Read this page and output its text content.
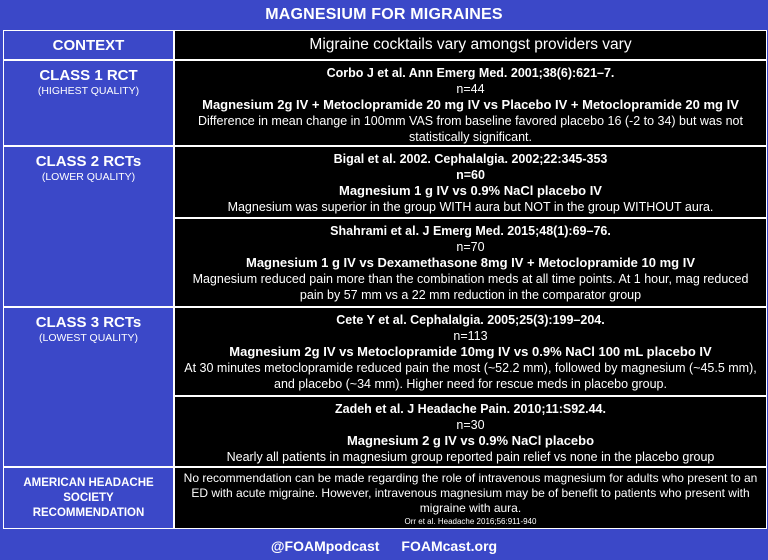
MAGNESIUM FOR MIGRAINES
CONTEXT	Migraine cocktails vary amongst providers vary
CLASS 1 RCT
(HIGHEST QUALITY)
Corbo J et al. Ann Emerg Med. 2001;38(6):621–7.
n=44
Magnesium 2g IV + Metoclopramide 20 mg IV vs Placebo IV + Metoclopramide 20 mg IV
Difference in mean change in 100mm VAS from baseline favored placebo 16 (-2 to 34) but was not statistically significant.
CLASS 2 RCTs
(LOWER QUALITY)
Bigal et al. 2002. Cephalalgia. 2002;22:345-353
n=60
Magnesium 1 g IV vs 0.9% NaCl placebo IV
Magnesium was superior in the group WITH aura but NOT in the group WITHOUT aura.
Shahrami et al. J Emerg Med. 2015;48(1):69–76.
n=70
Magnesium 1 g IV vs Dexamethasone 8mg IV + Metoclopramide 10 mg IV
Magnesium reduced pain more than the combination meds at all time points. At 1 hour, mag reduced pain by 57 mm vs a 22 mm reduction in the comparator group
CLASS 3 RCTs
(LOWEST QUALITY)
Cete Y et al. Cephalalgia. 2005;25(3):199–204.
n=113
Magnesium 2g IV vs Metoclopramide 10mg IV vs 0.9% NaCl 100 mL placebo IV
At 30 minutes metoclopramide reduced pain the most (~52.2 mm), followed by magnesium (~45.5 mm), and placebo (~34 mm). Higher need for rescue meds in placebo group.
Zadeh et al. J Headache Pain. 2010;11:S92.44.
n=30
Magnesium 2 g IV vs 0.9% NaCl placebo
Nearly all patients in magnesium group reported pain relief vs none in the placebo group
AMERICAN HEADACHE SOCIETY RECOMMENDATION
No recommendation can be made regarding the role of intravenous magnesium for adults who present to an ED with acute migraine. However, intravenous magnesium may be of benefit to patients who present with migraine with aura.
Orr et al. Headache 2016;56:911-940
@FOAMpodcast FOAMcast.org
